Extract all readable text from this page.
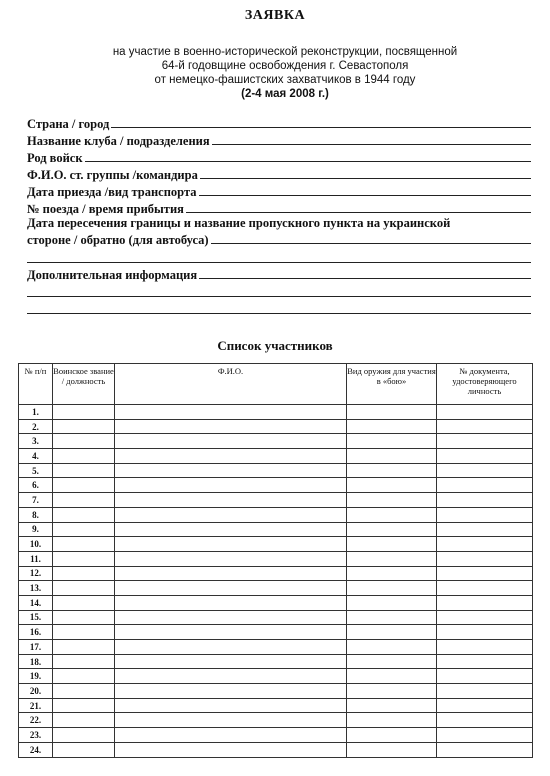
ЗАЯВКА
на участие в военно-исторической реконструкции, посвященной
64-й годовщине освобождения г. Севастополя
от немецко-фашистских захватчиков в 1944 году
(2-4 мая 2008 г.)
Страна / город
Название клуба / подразделения
Род войск
Ф.И.О. ст. группы /командира
Дата приезда /вид транспорта
№ поезда / время прибытия
Дата пересечения границы и название пропускного пункта на украинской
стороне / обратно (для автобуса)
Дополнительная информация
Список участников
№ п/п	Воинское звание / должность	Ф.И.О.	Вид оружия для участия в «бою»	№ документа, удостоверяющего личность
1.				
2.				
3.				
4.				
5.				
6.				
7.				
8.				
9.				
10.				
11.				
12.				
13.				
14.				
15.				
16.				
17.				
18.				
19.				
20.				
21.				
22.				
23.				
24.				
